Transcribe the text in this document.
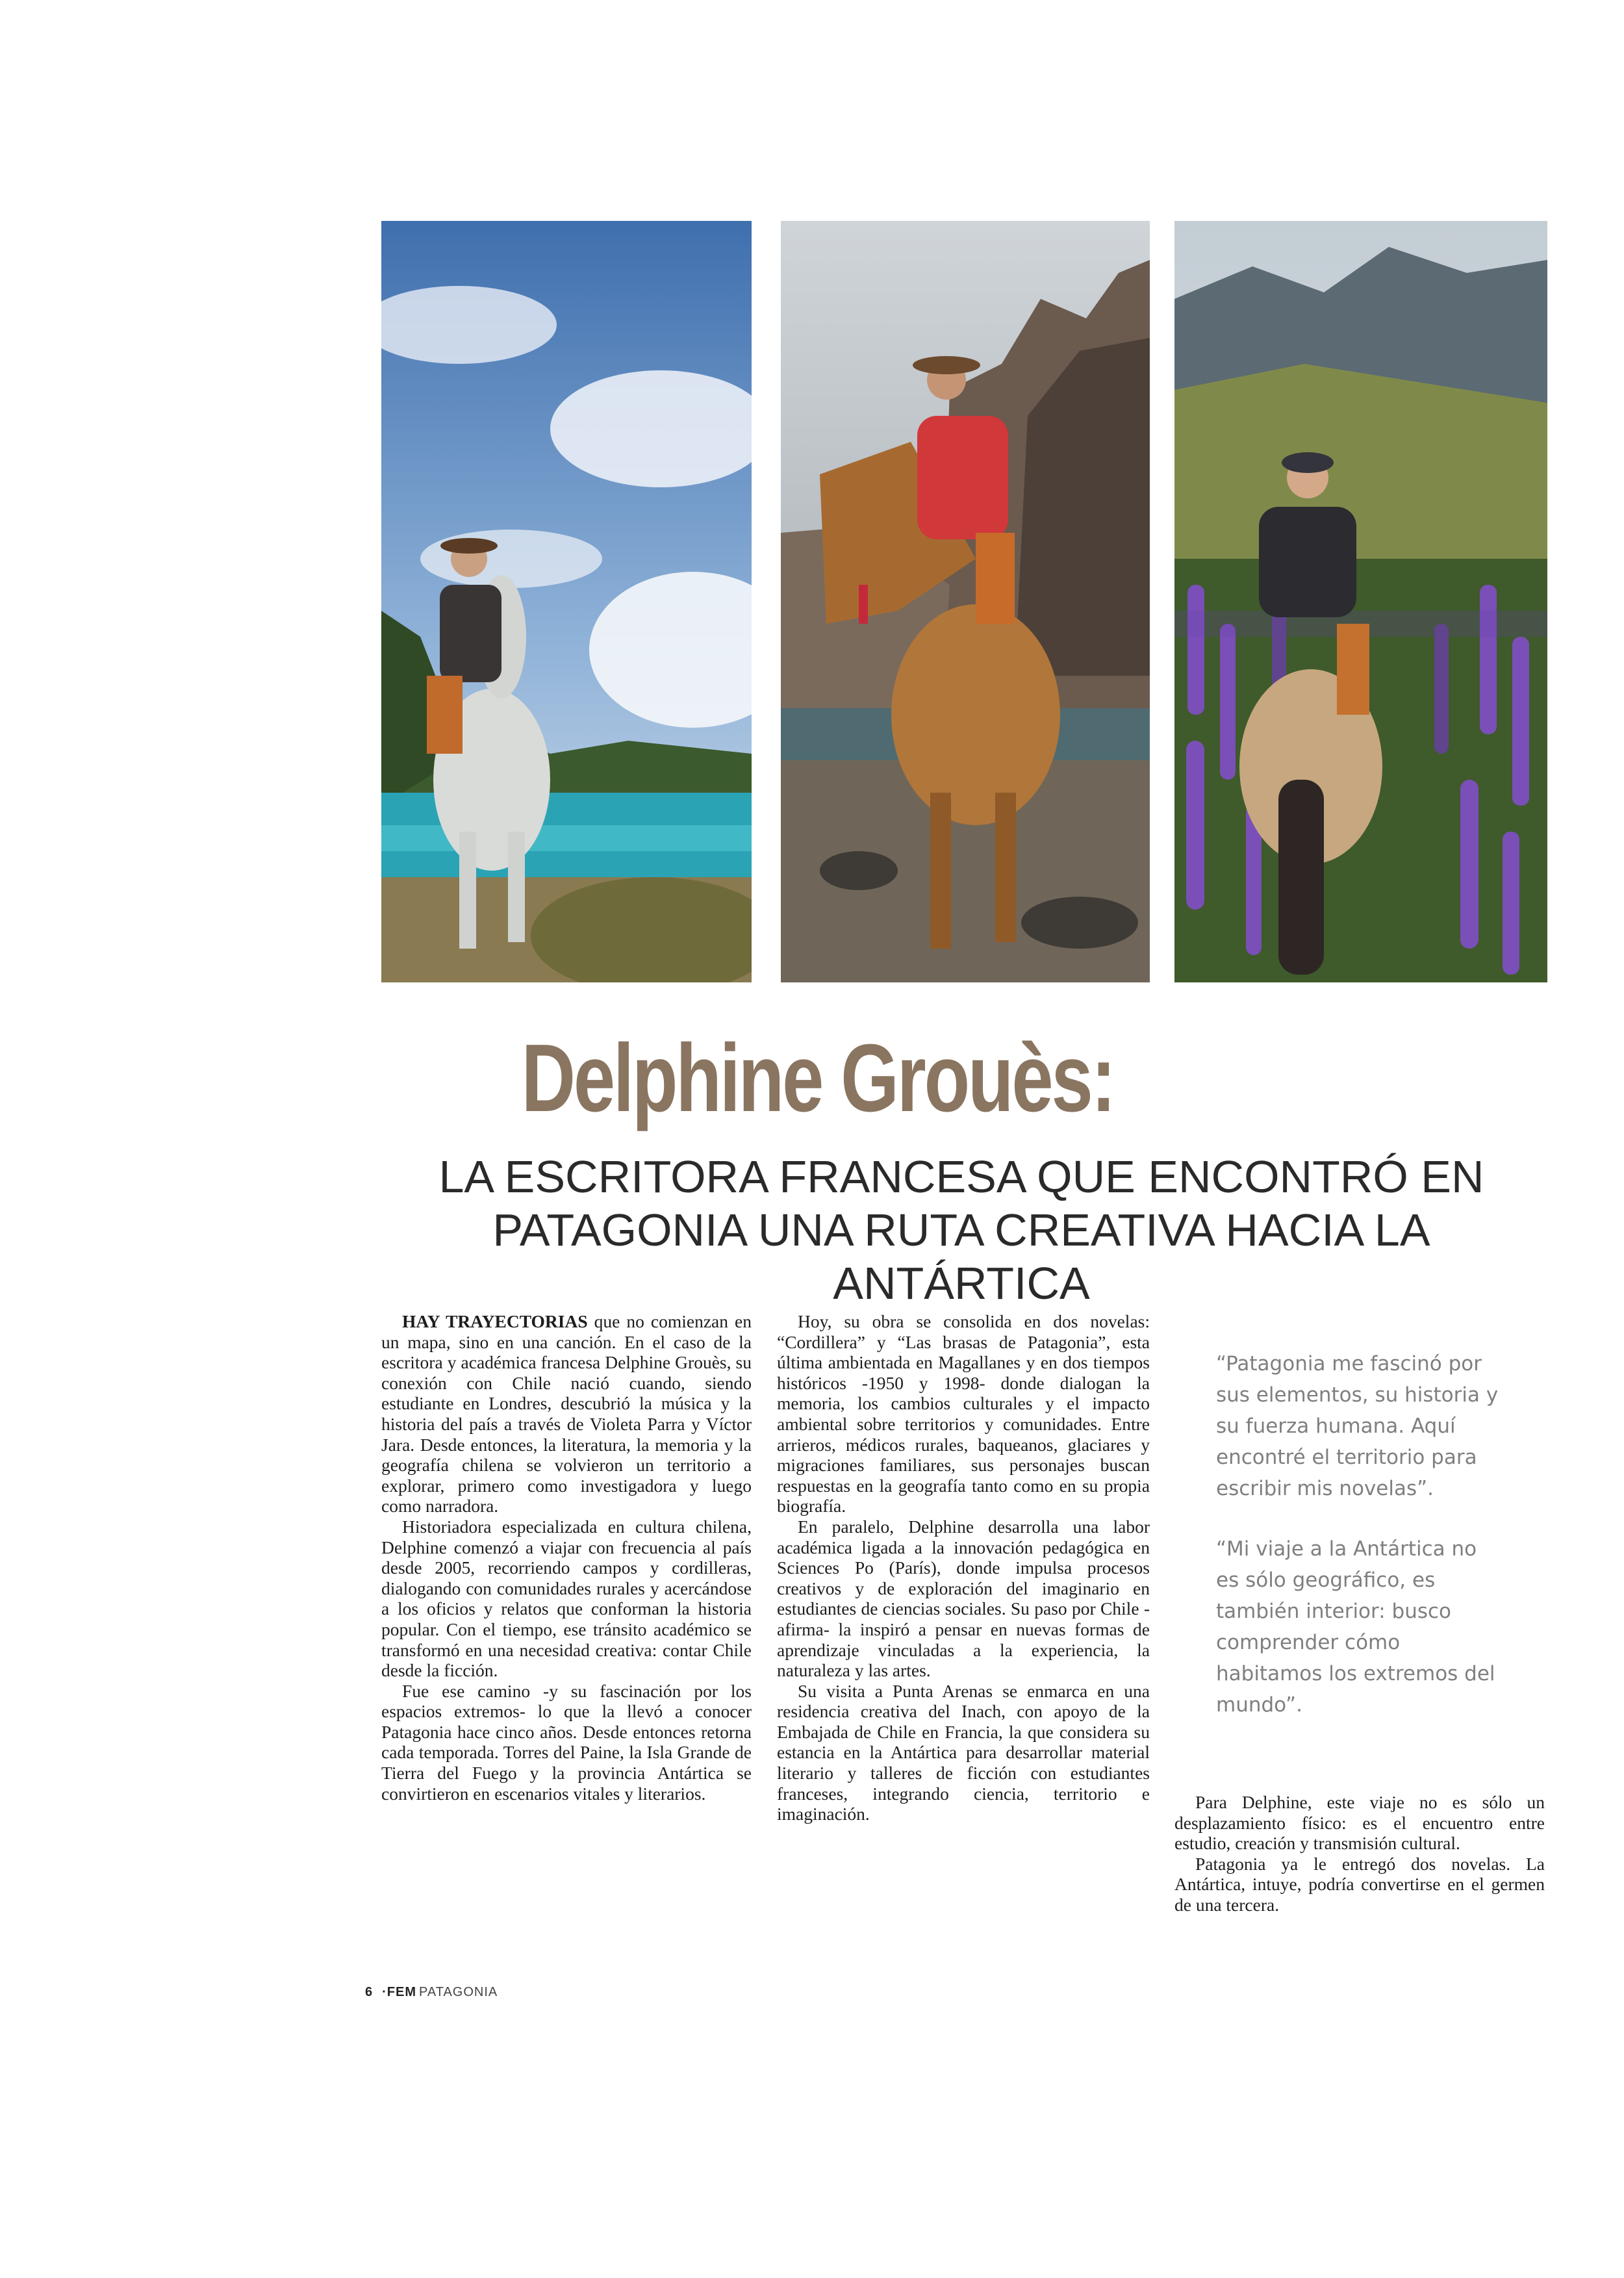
Delphine Grouès:
LA ESCRITORA FRANCESA QUE ENCONTRÓ EN
PATAGONIA UNA RUTA CREATIVA HACIA LA ANTÁRTICA

HAY TRAYECTORIAS que no comienzan en un mapa, sino en una canción. En el caso de la escritora y académica francesa Delphine Grouès, su conexión con Chile nació cuando, siendo estudiante en Londres, descubrió la música y la historia del país a través de Violeta Parra y Víctor Jara. Desde entonces, la literatura, la memoria y la geografía chilena se volvieron un territorio a explorar, primero como investigadora y luego como narradora.

Historiadora especializada en cultura chilena, Delphine comenzó a viajar con frecuencia al país desde 2005, recorriendo campos y cordilleras, dialogando con comunidades rurales y acercándose a los oficios y relatos que conforman la historia popular. Con el tiempo, ese tránsito académico se transformó en una necesidad creativa: contar Chile desde la ficción.

Fue ese camino -y su fascinación por los espacios extremos- lo que la llevó a conocer Patagonia hace cinco años. Desde entonces retorna cada temporada. Torres del Paine, la Isla Grande de Tierra del Fuego y la provincia Antártica se convirtieron en escenarios vitales y literarios.

Hoy, su obra se consolida en dos novelas: “Cordillera” y “Las brasas de Patagonia”, esta última ambientada en Magallanes y en dos tiempos históricos -1950 y 1998- donde dialogan la memoria, los cambios culturales y el impacto ambiental sobre territorios y comunidades. Entre arrieros, médicos rurales, baqueanos, glaciares y migraciones familiares, sus personajes buscan respuestas en la geografía tanto como en su propia biografía.

En paralelo, Delphine desarrolla una labor académica ligada a la innovación pedagógica en Sciences Po (París), donde impulsa procesos creativos y de exploración del imaginario en estudiantes de ciencias sociales. Su paso por Chile -afirma- la inspiró a pensar en nuevas formas de aprendizaje vinculadas a la experiencia, la naturaleza y las artes.

Su visita a Punta Arenas se enmarca en una residencia creativa del Inach, con apoyo de la Embajada de Chile en Francia, la que considera su estancia en la Antártica para desarrollar material literario y talleres de ficción con estudiantes franceses, integrando ciencia, territorio e imaginación.

“Patagonia me fascinó por sus elementos, su historia y su fuerza humana. Aquí encontré el territorio para escribir mis novelas”.
“Mi viaje a la Antártica no es sólo geográfico, es también interior: busco comprender cómo habitamos los extremos del mundo”.

Para Delphine, este viaje no es sólo un desplazamiento físico: es el encuentro entre estudio, creación y transmisión cultural.

Patagonia ya le entregó dos novelas. La Antártica, intuye, podría convertirse en el germen de una tercera.

6 ·FEM PATAGONIA
